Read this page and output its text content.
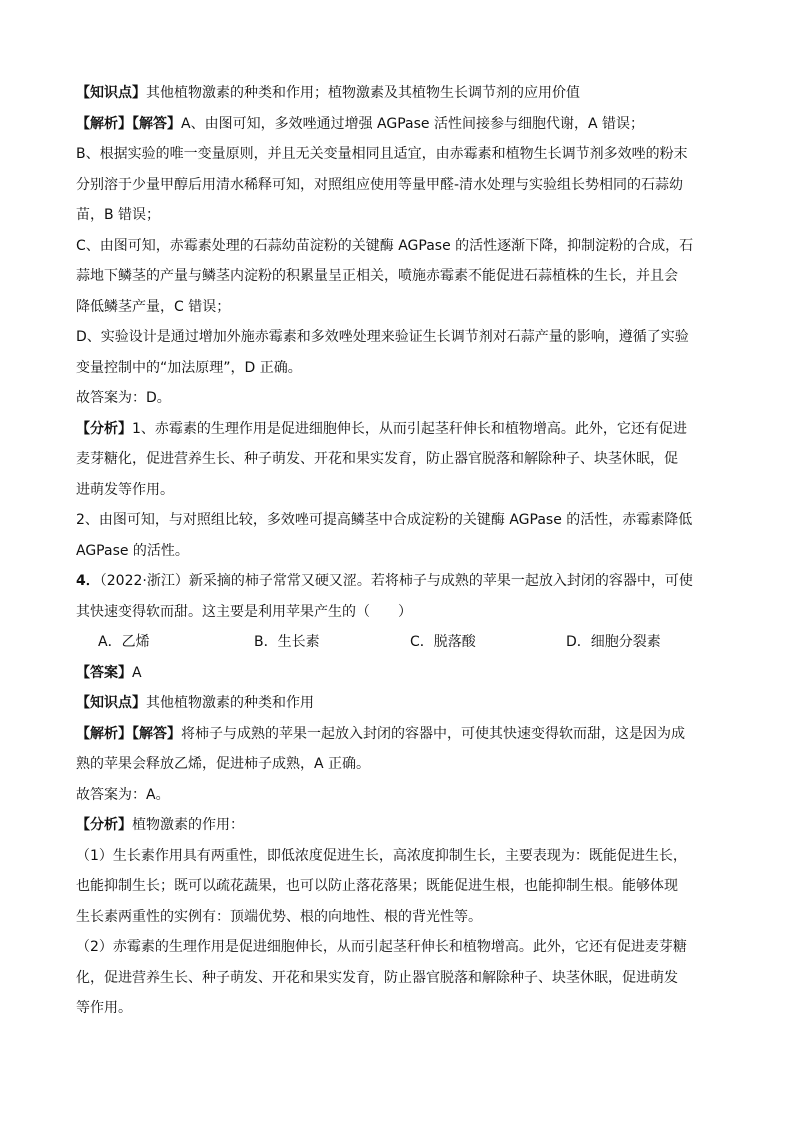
【知识点】其他植物激素的种类和作用；植物激素及其植物生长调节剂的应用价值

【解析】【解答】A、由图可知，多效唑通过增强 AGPase 活性间接参与细胞代谢，A 错误；

B、根据实验的唯一变量原则，并且无关变量相同且适宜，由赤霉素和植物生长调节剂多效唑的粉末

分别溶于少量甲醇后用清水稀释可知，对照组应使用等量甲醛-清水处理与实验组长势相同的石蒜幼

苗，B 错误；

C、由图可知，赤霉素处理的石蒜幼苗淀粉的关键酶 AGPase 的活性逐渐下降，抑制淀粉的合成，石

蒜地下鳞茎的产量与鳞茎内淀粉的积累量呈正相关，喷施赤霉素不能促进石蒜植株的生长，并且会

降低鳞茎产量，C 错误；

D、实验设计是通过增加外施赤霉素和多效唑处理来验证生长调节剂对石蒜产量的影响，遵循了实验

变量控制中的“加法原理”，D 正确。

故答案为：D。

【分析】1、赤霉素的生理作用是促进细胞伸长，从而引起茎秆伸长和植物增高。此外，它还有促进

麦芽糖化，促进营养生长、种子萌发、开花和果实发育，防止器官脱落和解除种子、块茎休眠，促

进萌发等作用。

2、由图可知，与对照组比较，多效唑可提高鳞茎中合成淀粉的关键酶 AGPase 的活性，赤霉素降低

AGPase 的活性。

4．（2022·浙江）新采摘的柿子常常又硬又涩。若将柿子与成熟的苹果一起放入封闭的容器中，可使

其快速变得软而甜。这主要是利用苹果产生的（　　）

A．乙烯	B．生长素	C．脱落酸	D．细胞分裂素

【答案】A

【知识点】其他植物激素的种类和作用

【解析】【解答】将柿子与成熟的苹果一起放入封闭的容器中，可使其快速变得软而甜，这是因为成

熟的苹果会释放乙烯，促进柿子成熟，A 正确。

故答案为：A。

【分析】植物激素的作用：

（1）生长素作用具有两重性，即低浓度促进生长，高浓度抑制生长，主要表现为：既能促进生长，

也能抑制生长；既可以疏花蔬果，也可以防止落花落果；既能促进生根，也能抑制生根。能够体现

生长素两重性的实例有：顶端优势、根的向地性、根的背光性等。

（2）赤霉素的生理作用是促进细胞伸长，从而引起茎秆伸长和植物增高。此外，它还有促进麦芽糖

化，促进营养生长、种子萌发、开花和果实发育，防止器官脱落和解除种子、块茎休眠，促进萌发

等作用。
